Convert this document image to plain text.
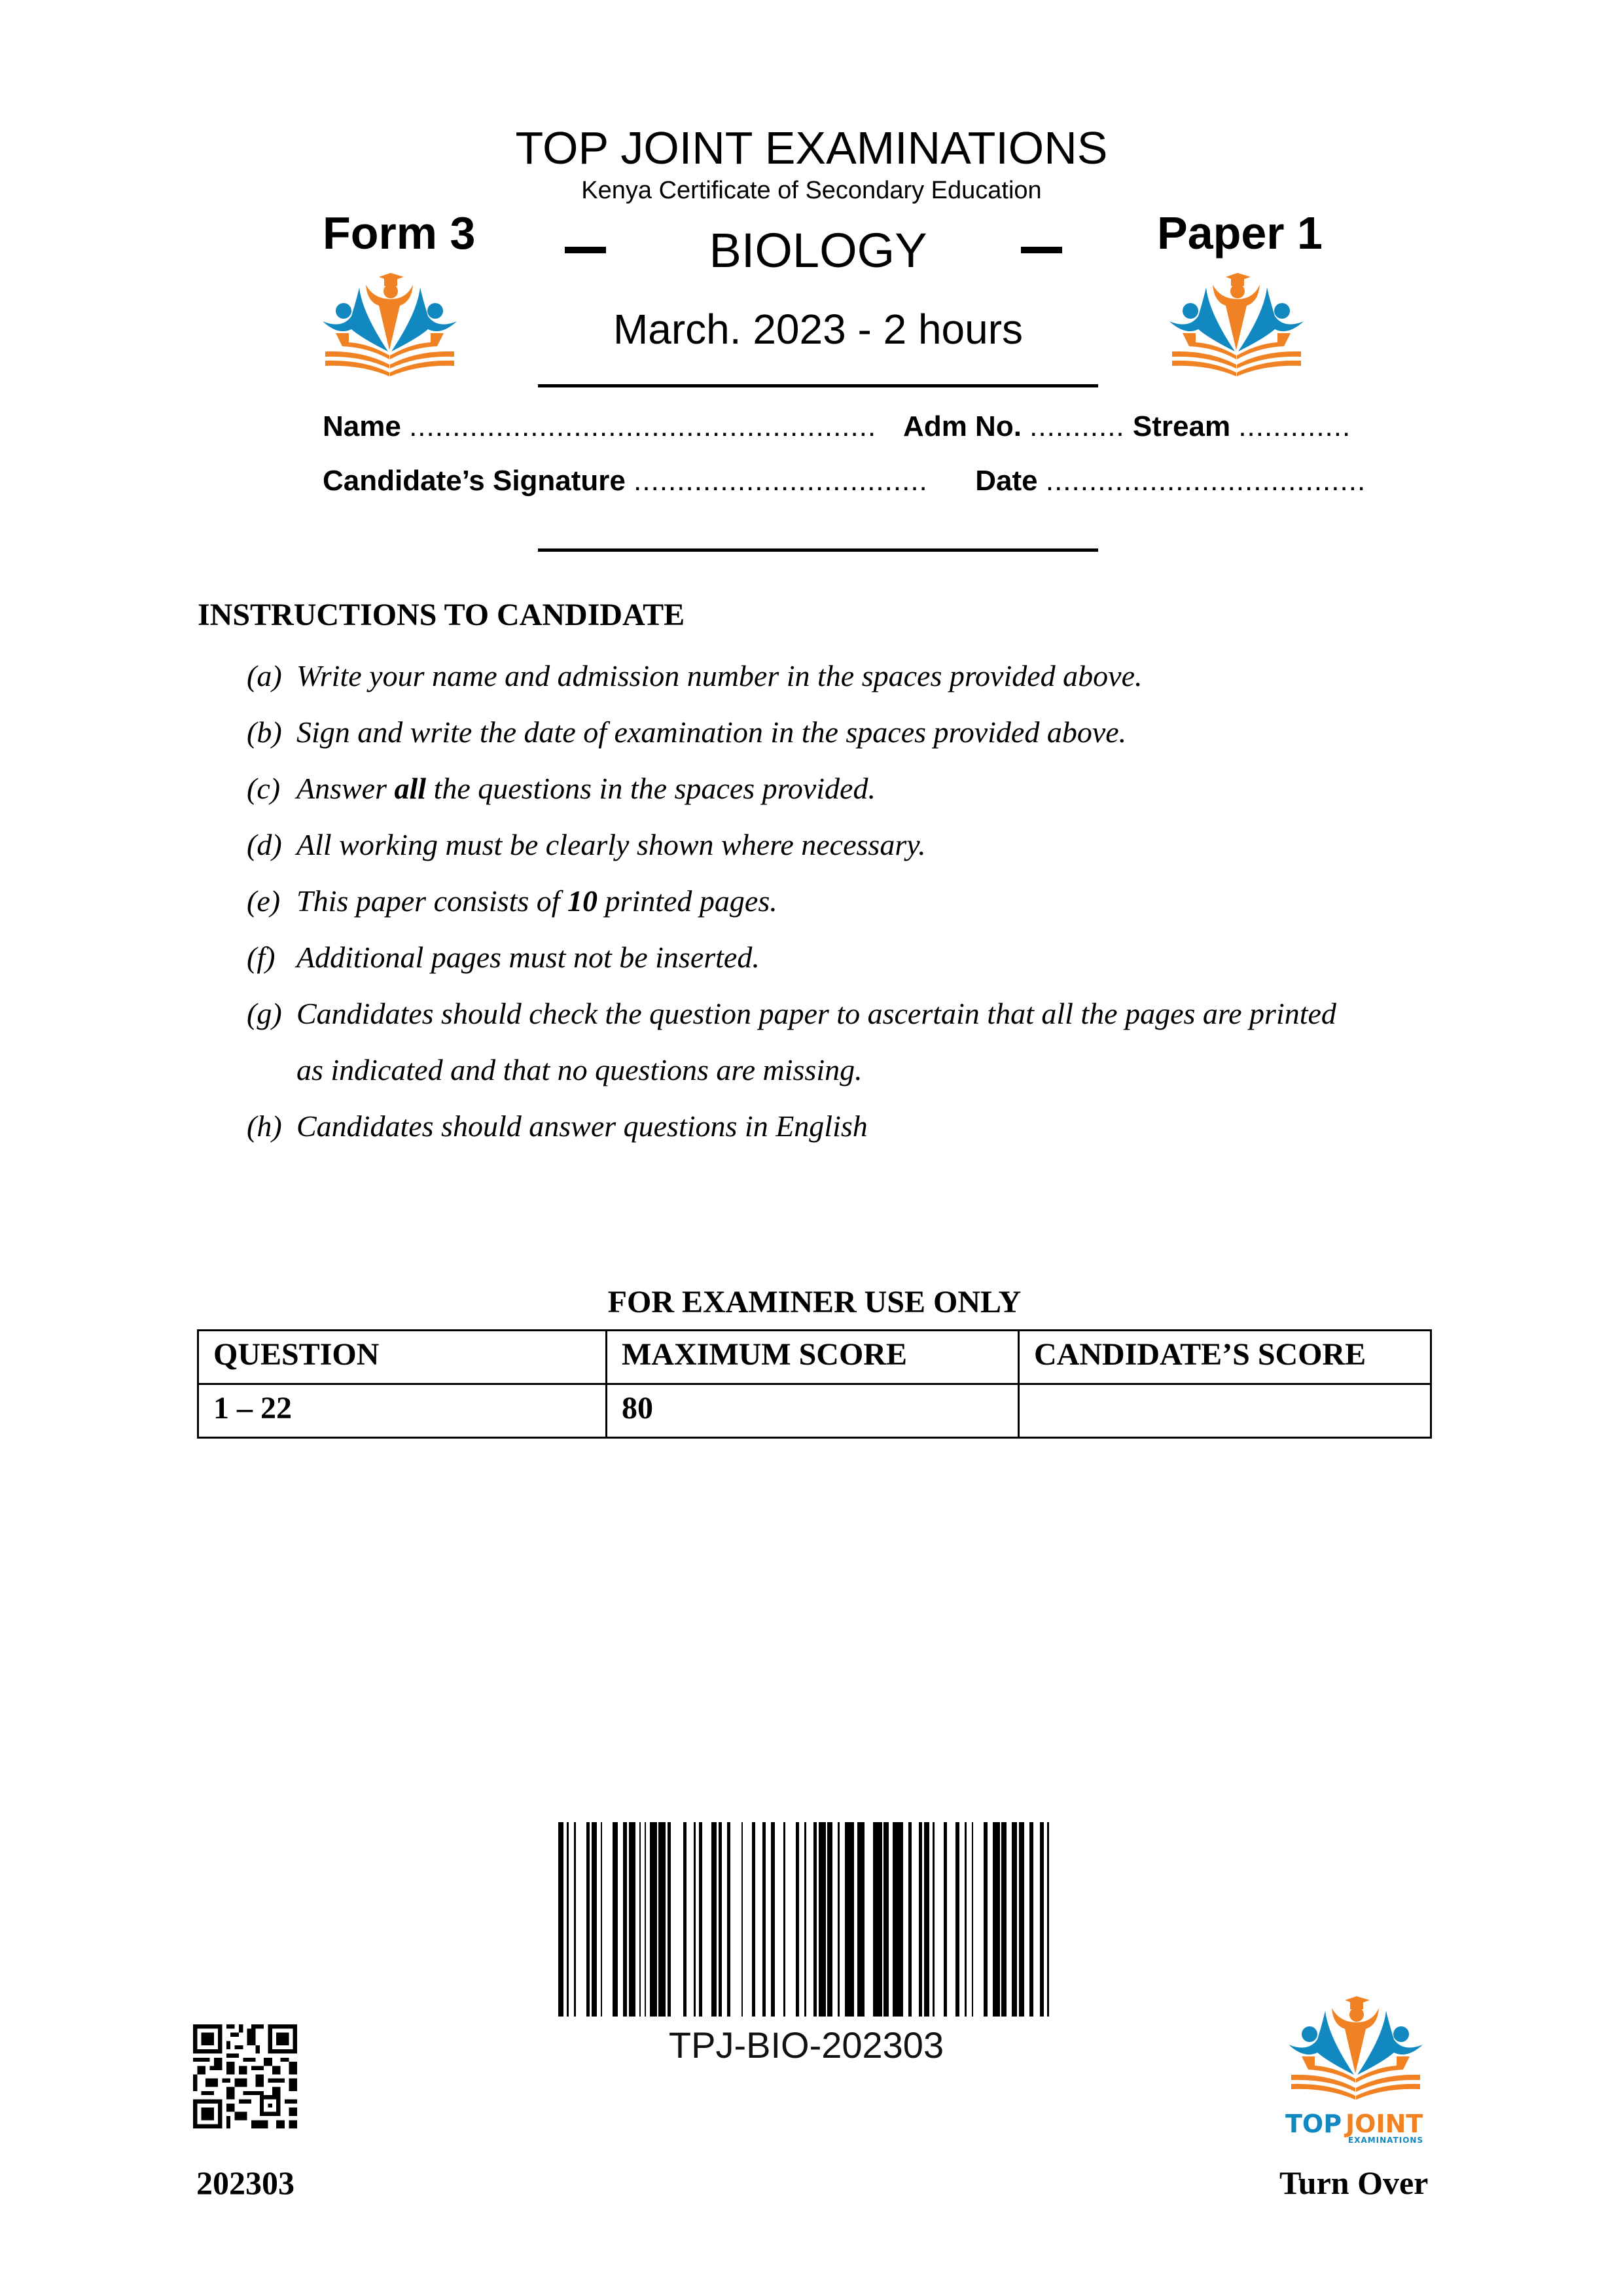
TOP JOINT EXAMINATIONS
Kenya Certificate of Secondary Education
Form 3	Paper 1
BIOLOGY
March. 2023 - 2 hours
Name ...................................................... Adm No. ........... Stream .............
Candidate’s Signature .................................. Date .....................................
INSTRUCTIONS TO CANDIDATE
(a) Write your name and admission number in the spaces provided above.
(b) Sign and write the date of examination in the spaces provided above.
(c) Answer all the questions in the spaces provided.
(d) All working must be clearly shown where necessary.
(e) This paper consists of 10 printed pages.
(f) Additional pages must not be inserted.
(g) Candidates should check the question paper to ascertain that all the pages are printed
as indicated and that no questions are missing.
(h) Candidates should answer questions in English
FOR EXAMINER USE ONLY
QUESTION	MAXIMUM SCORE	CANDIDATE’S SCORE
1 – 22	80	
TPJ-BIO-202303
202303
TOP JOINT
EXAMINATIONS
Turn Over
